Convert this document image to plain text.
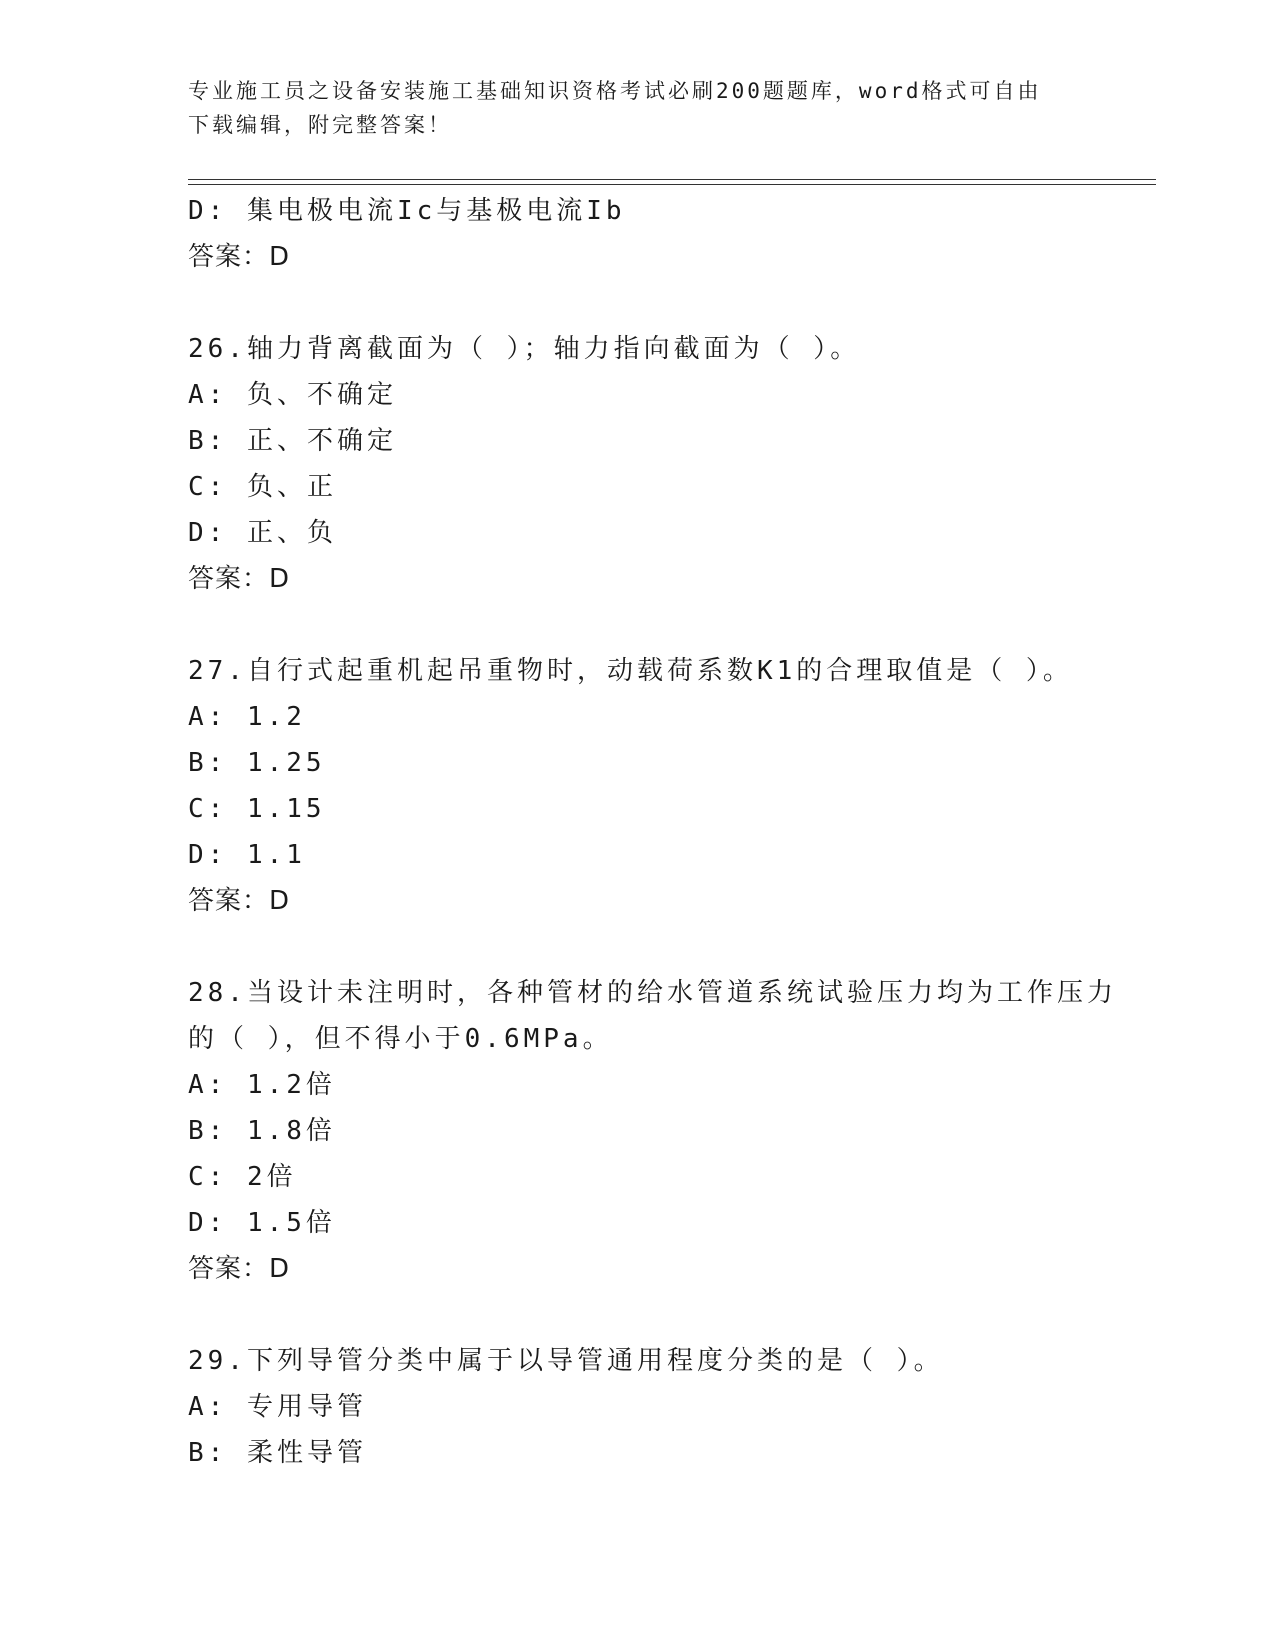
专业施工员之设备安装施工基础知识资格考试必刷200题题库，word格式可自由
下载编辑，附完整答案！
D: 集电极电流Ic与基极电流Ib
答案：D
26.轴力背离截面为（ ）；轴力指向截面为（ ）。
A: 负、不确定
B: 正、不确定
C: 负、正
D: 正、负
答案：D
27.自行式起重机起吊重物时，动载荷系数K1的合理取值是（ ）。
A: 1.2
B: 1.25
C: 1.15
D: 1.1
答案：D
28.当设计未注明时，各种管材的给水管道系统试验压力均为工作压力
的（ ），但不得小于0.6MPa。
A: 1.2倍
B: 1.8倍
C: 2倍
D: 1.5倍
答案：D
29.下列导管分类中属于以导管通用程度分类的是（ ）。
A: 专用导管
B: 柔性导管
